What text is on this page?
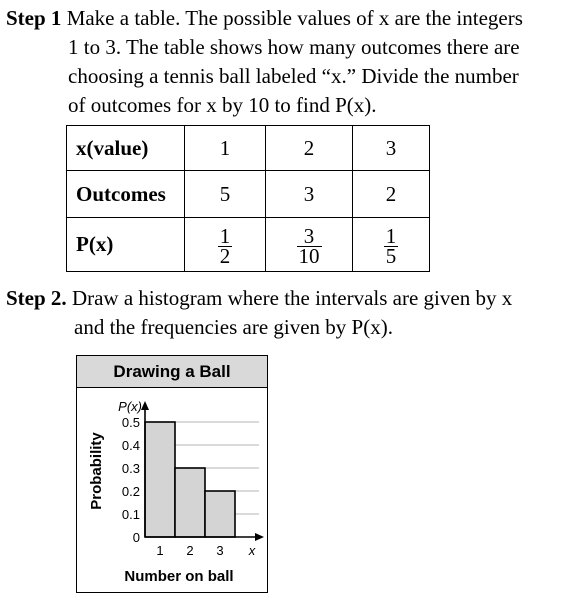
Step 1 Make a table. The possible values of x are the integers
1 to 3. The table shows how many outcomes there are
choosing a tennis ball labeled “x.” Divide the number
of outcomes for x by 10 to find P(x).
x(value)	1	2	3
Outcomes	5	3	2
P(x)	$\frac{1}{2}$	$\frac{3}{10}$	$\frac{1}{5}$
Step 2. Draw a histogram where the intervals are given by x
and the frequencies are given by P(x).
Drawing a Ball
0
0.1
0.2
0.3
0.4
0.5
1 2 3
P(x)
x
Number on ball
Probability
